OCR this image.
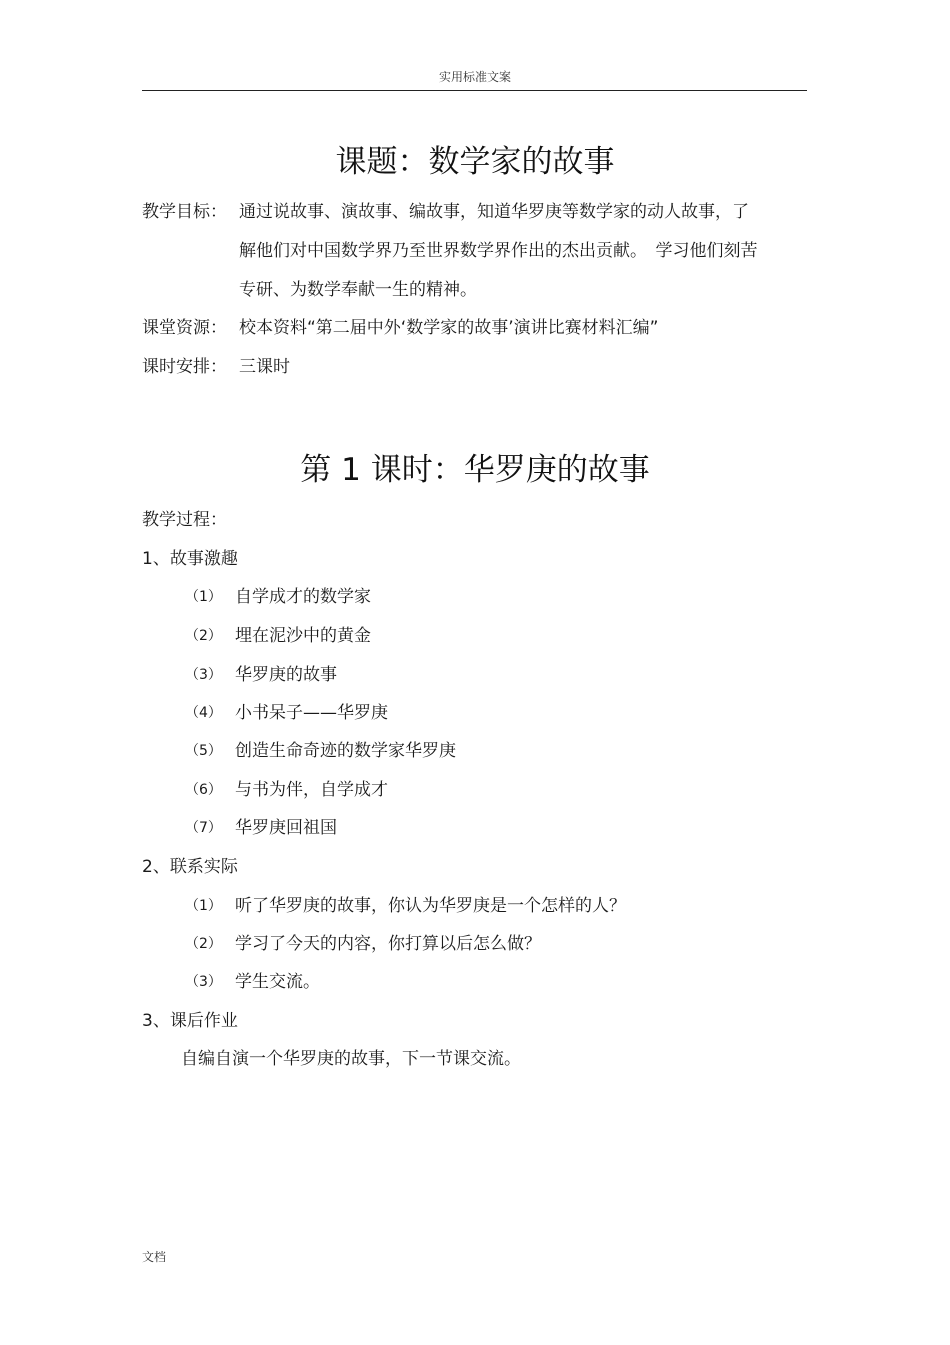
实用标准文案
课题：数学家的故事
教学目标： 通过说故事、演故事、编故事，知道华罗庚等数学家的动人故事，了
解他们对中国数学界乃至世界数学界作出的杰出贡献。　学习他们刻苦
专研、为数学奉献一生的精神。
课堂资源： 校本资料“第二届中外‘数学家的故事’演讲比赛材料汇编”
课时安排： 三课时
第 1 课时：华罗庚的故事
教学过程：
1、故事激趣
（1） 自学成才的数学家
（2） 埋在泥沙中的黄金
（3） 华罗庚的故事
（4） 小书呆子——华罗庚
（5） 创造生命奇迹的数学家华罗庚
（6） 与书为伴，自学成才
（7） 华罗庚回祖国
2、联系实际
（1） 听了华罗庚的故事，你认为华罗庚是一个怎样的人？
（2） 学习了今天的内容，你打算以后怎么做？
（3） 学生交流。
3、课后作业
自编自演一个华罗庚的故事，下一节课交流。
文档
